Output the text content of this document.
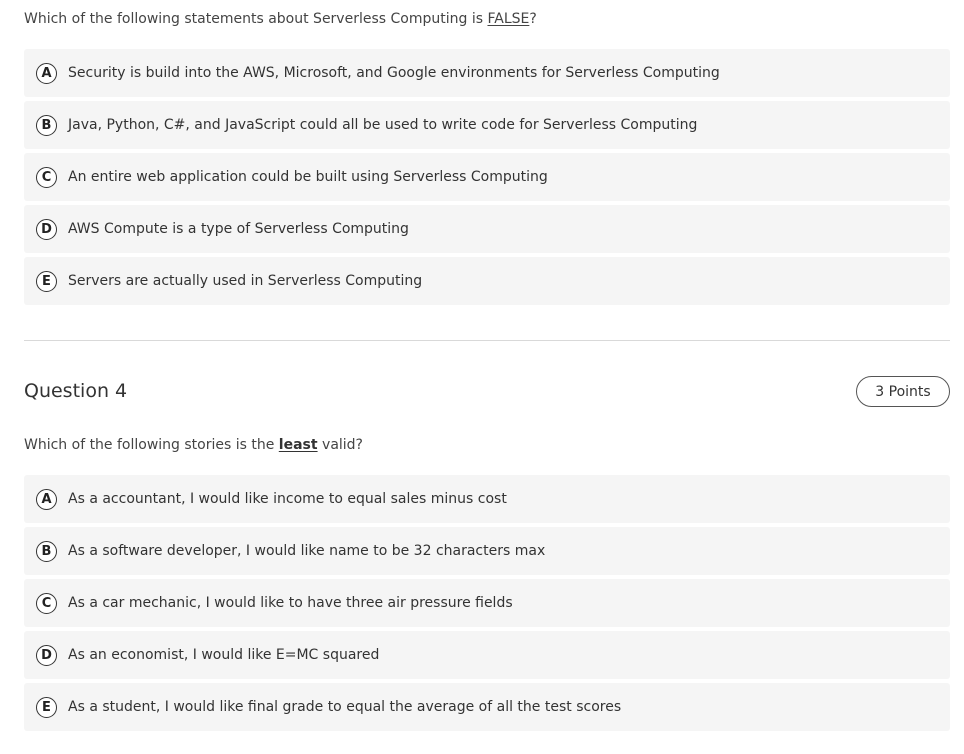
Which of the following statements about Serverless Computing is FALSE?
A	Security is build into the AWS, Microsoft, and Google environments for Serverless Computing
B	Java, Python, C#, and JavaScript could all be used to write code for Serverless Computing
C	An entire web application could be built using Serverless Computing
D	AWS Compute is a type of Serverless Computing
E	Servers are actually used in Serverless Computing
Question 4	3 Points
Which of the following stories is the least valid?
A	As a accountant, I would like income to equal sales minus cost
B	As a software developer, I would like name to be 32 characters max
C	As a car mechanic, I would like to have three air pressure fields
D	As an economist, I would like E=MC squared
E	As a student, I would like final grade to equal the average of all the test scores
